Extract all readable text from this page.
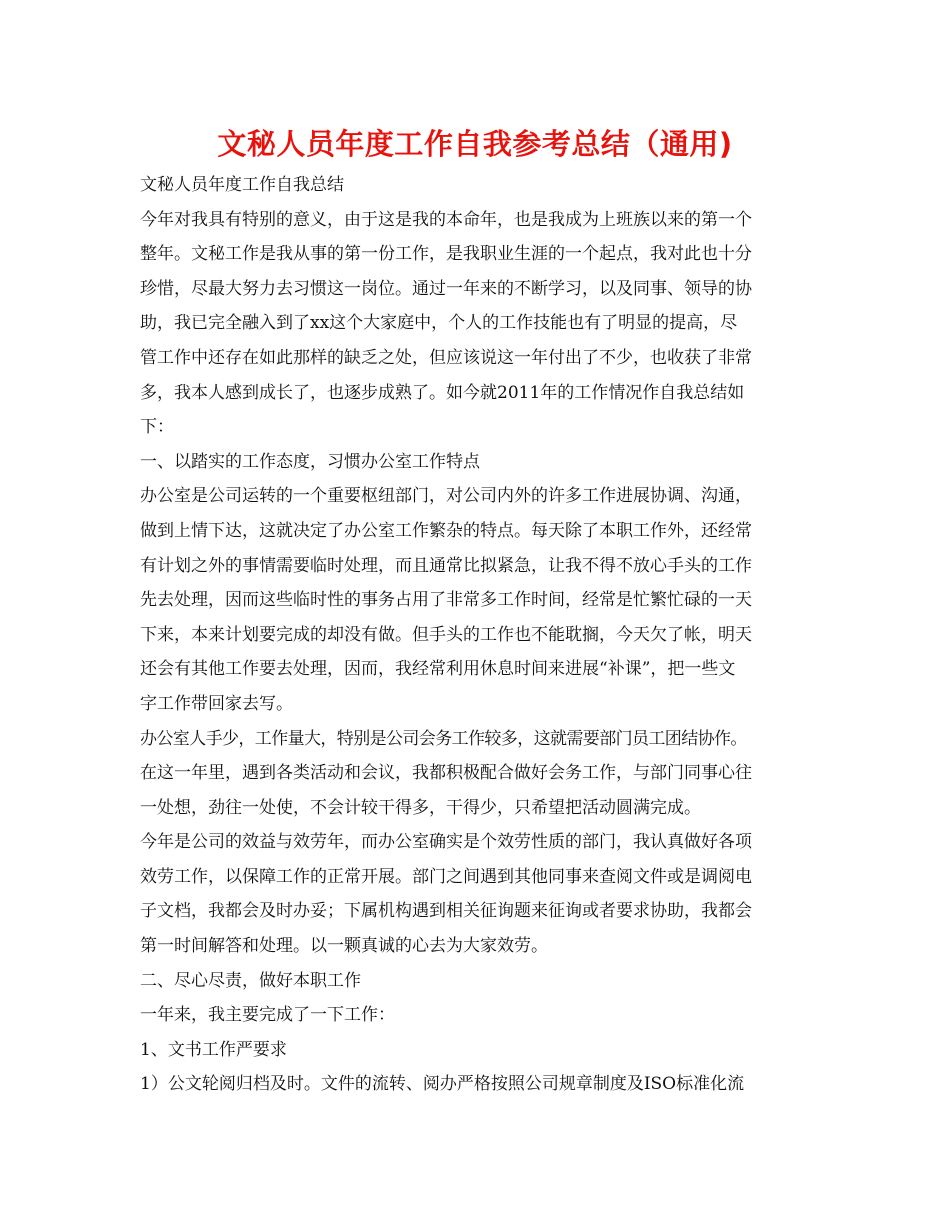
文秘人员年度工作自我参考总结（通用)
文秘人员年度工作自我总结
今年对我具有特别的意义，由于这是我的本命年，也是我成为上班族以来的第一个
整年。文秘工作是我从事的第一份工作，是我职业生涯的一个起点，我对此也十分
珍惜，尽最大努力去习惯这一岗位。通过一年来的不断学习，以及同事、领导的协
助，我已完全融入到了xx这个大家庭中，个人的工作技能也有了明显的提高，尽
管工作中还存在如此那样的缺乏之处，但应该说这一年付出了不少，也收获了非常
多，我本人感到成长了，也逐步成熟了。如今就2011年的工作情况作自我总结如
下：
一、以踏实的工作态度，习惯办公室工作特点
办公室是公司运转的一个重要枢纽部门，对公司内外的许多工作进展协调、沟通，
做到上情下达，这就决定了办公室工作繁杂的特点。每天除了本职工作外，还经常
有计划之外的事情需要临时处理，而且通常比拟紧急，让我不得不放心手头的工作
先去处理，因而这些临时性的事务占用了非常多工作时间，经常是忙繁忙碌的一天
下来，本来计划要完成的却没有做。但手头的工作也不能耽搁，今天欠了帐，明天
还会有其他工作要去处理，因而，我经常利用休息时间来进展“补课”，把一些文
字工作带回家去写。
办公室人手少，工作量大，特别是公司会务工作较多，这就需要部门员工团结协作。
在这一年里，遇到各类活动和会议，我都积极配合做好会务工作，与部门同事心往
一处想，劲往一处使，不会计较干得多，干得少，只希望把活动圆满完成。
今年是公司的效益与效劳年，而办公室确实是个效劳性质的部门，我认真做好各项
效劳工作，以保障工作的正常开展。部门之间遇到其他同事来查阅文件或是调阅电
子文档，我都会及时办妥；下属机构遇到相关征询题来征询或者要求协助，我都会
第一时间解答和处理。以一颗真诚的心去为大家效劳。
二、尽心尽责，做好本职工作
一年来，我主要完成了一下工作：
1、文书工作严要求
1）公文轮阅归档及时。文件的流转、阅办严格按照公司规章制度及ISO标准化流
